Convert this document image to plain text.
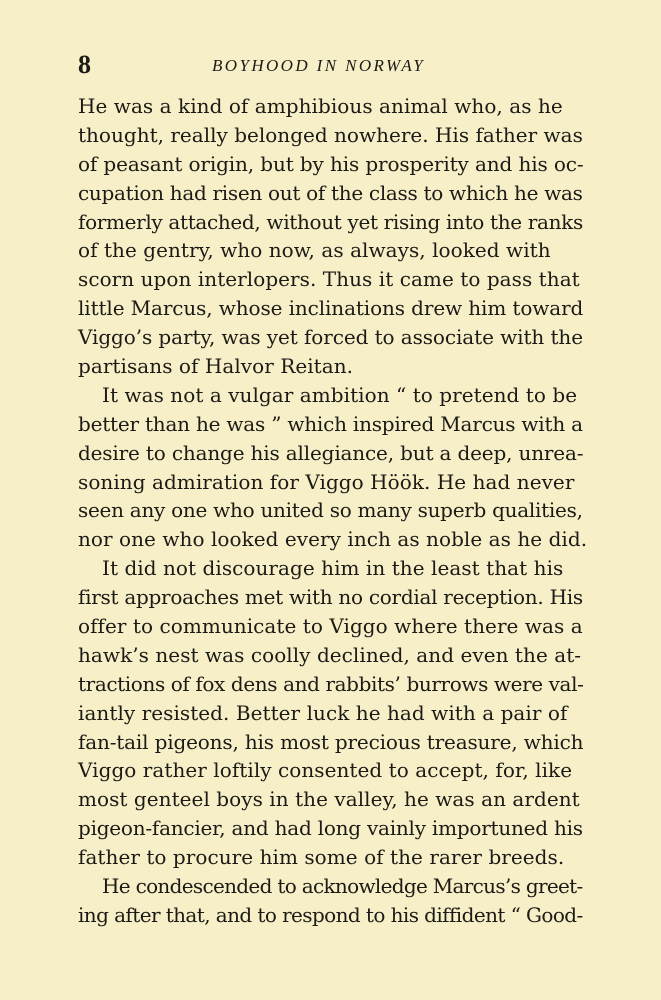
8	BOYHOOD IN NORWAY
He was a kind of amphibious animal who, as he
thought, really belonged nowhere. His father was
of peasant origin, but by his prosperity and his oc-
cupation had risen out of the class to which he was
formerly attached, without yet rising into the ranks
of the gentry, who now, as always, looked with
scorn upon interlopers. Thus it came to pass that
little Marcus, whose inclinations drew him toward
Viggo’s party, was yet forced to associate with the
partisans of Halvor Reitan.
It was not a vulgar ambition “ to pretend to be
better than he was ” which inspired Marcus with a
desire to change his allegiance, but a deep, unrea-
soning admiration for Viggo Höök. He had never
seen any one who united so many superb qualities,
nor one who looked every inch as noble as he did.
It did not discourage him in the least that his
first approaches met with no cordial reception. His
offer to communicate to Viggo where there was a
hawk’s nest was coolly declined, and even the at-
tractions of fox dens and rabbits’ burrows were val-
iantly resisted. Better luck he had with a pair of
fan-tail pigeons, his most precious treasure, which
Viggo rather loftily consented to accept, for, like
most genteel boys in the valley, he was an ardent
pigeon-fancier, and had long vainly importuned his
father to procure him some of the rarer breeds.
He condescended to acknowledge Marcus’s greet-
ing after that, and to respond to his diffident “ Good-
